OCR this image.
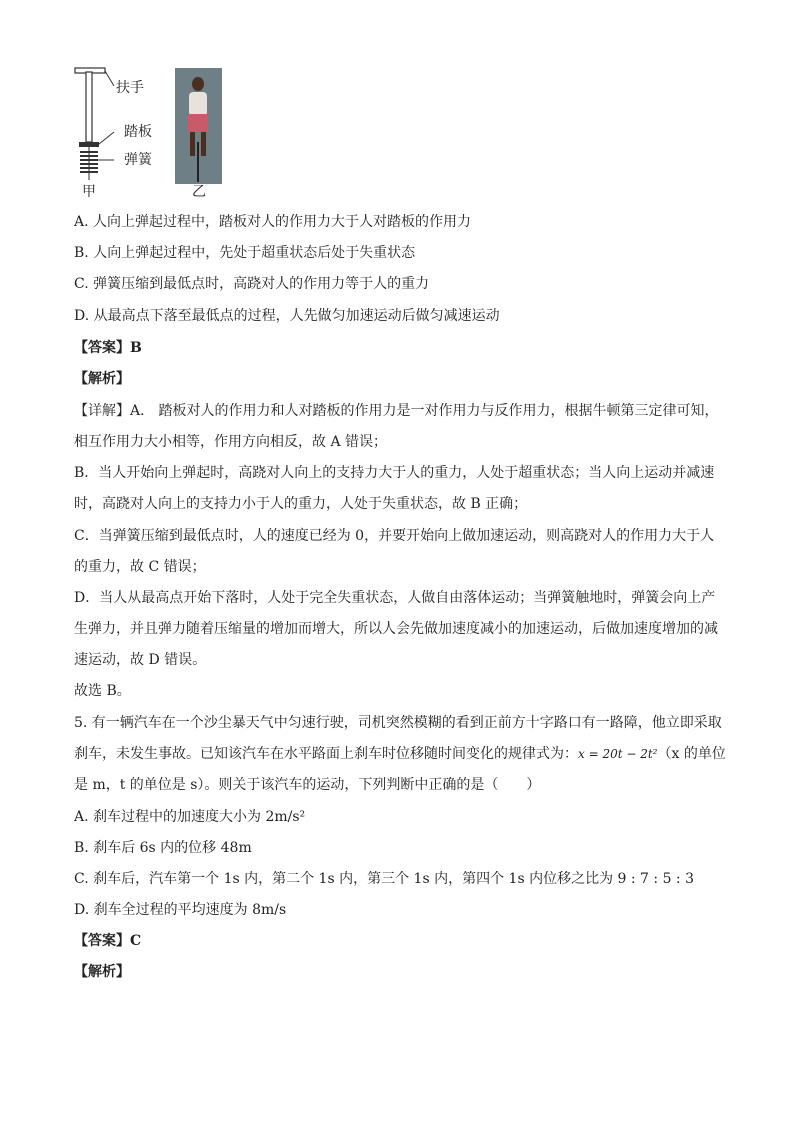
扶手
踏板
弹簧
甲	乙
A. 人向上弹起过程中，踏板对人的作用力大于人对踏板的作用力
B. 人向上弹起过程中，先处于超重状态后处于失重状态
C. 弹簧压缩到最低点时，高跷对人的作用力等于人的重力
D. 从最高点下落至最低点的过程，人先做匀加速运动后做匀减速运动
【答案】B
【解析】
【详解】A． 踏板对人的作用力和人对踏板的作用力是一对作用力与反作用力，根据牛顿第三定律可知，
相互作用力大小相等，作用方向相反，故 A 错误；
B．当人开始向上弹起时，高跷对人向上的支持力大于人的重力，人处于超重状态；当人向上运动并减速
时，高跷对人向上的支持力小于人的重力，人处于失重状态，故 B 正确；
C．当弹簧压缩到最低点时，人的速度已经为 0，并要开始向上做加速运动，则高跷对人的作用力大于人
的重力，故 C 错误；
D．当人从最高点开始下落时，人处于完全失重状态，人做自由落体运动；当弹簧触地时，弹簧会向上产
生弹力，并且弹力随着压缩量的增加而增大，所以人会先做加速度减小的加速运动，后做加速度增加的减
速运动，故 D 错误。
故选 B。
5. 有一辆汽车在一个沙尘暴天气中匀速行驶，司机突然模糊的看到正前方十字路口有一路障，他立即采取
刹车，未发生事故。已知该汽车在水平路面上刹车时位移随时间变化的规律式为：x = 20t − 2t²（x 的单位
是 m，t 的单位是 s）。则关于该汽车的运动，下列判断中正确的是（　　）
A. 刹车过程中的加速度大小为 2m/s²
B. 刹车后 6s 内的位移 48m
C. 刹车后，汽车第一个 1s 内，第二个 1s 内，第三个 1s 内，第四个 1s 内位移之比为 9 : 7 : 5 : 3
D. 刹车全过程的平均速度为 8m/s
【答案】C
【解析】
